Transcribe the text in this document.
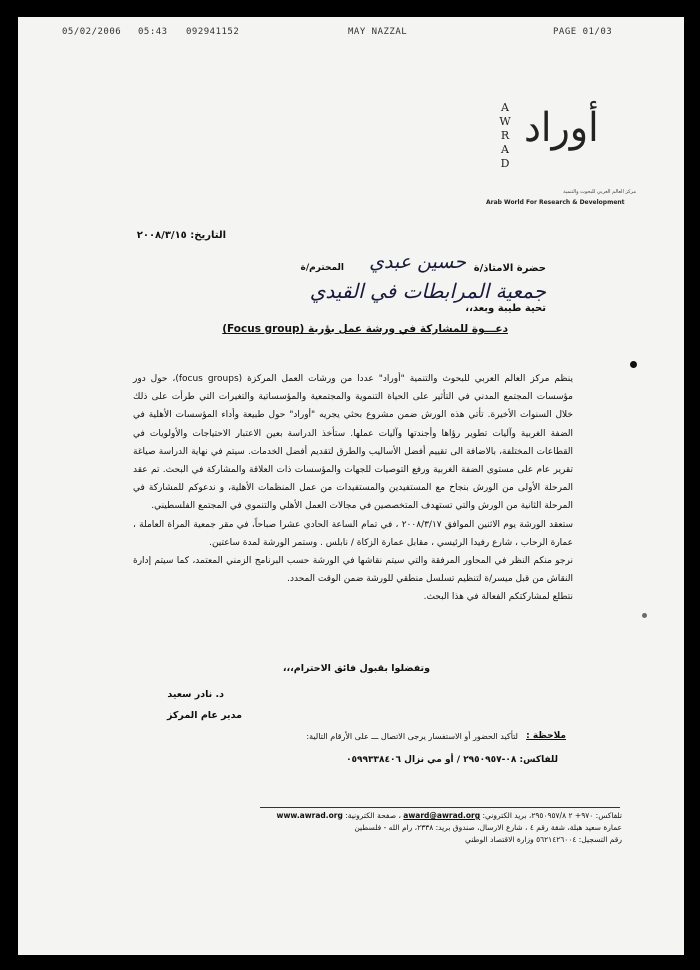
05/02/2006 05:43 092941152	MAY NAZZAL	PAGE 01/03
A
W
R
A
D
أوراد
مركز العالم العربي للبحوث والتنمية
Arab World For Research & Development
التاريخ: ٢٠٠٨/٣/١٥
حضرة الامتاذ/ة
حسين عبدي
المحترم/ة
جمعية المرابطات في القيدي
تحية طيبة وبعد،،
دعـــوة للمشاركة في ورشة عمل بؤرية (Focus group)

ينظم مركز العالم العربي للبحوث والتنمية "أوراد" عددا من ورشات العمل المركزة (focus groups)، حول دور مؤسسات المجتمع المدني في التأثير على الحياة التنموية والمجتمعية والمؤسساتية والتغيرات التي طرأت على ذلك خلال السنوات الأخيرة. تأتي هذه الورش ضمن مشروع بحثي يجريه "أوراد" حول طبيعة وأداء المؤسسات الأهلية في الضفة الغربية وآليات تطوير رؤاها وأجندتها وآليات عملها. ستأخذ الدراسة بعين الاعتبار الاحتياجات والأولويات في القطاعات المختلفة، بالاضافة الى تقييم أفضل الأساليب والطرق لتقديم أفضل الخدمات. سيتم في نهاية الدراسة صياغة تقرير عام على مستوى الضفة الغربية ورفع التوصيات للجهات والمؤسسات ذات العلاقة والمشاركة في البحث. تم عقد المرحلة الأولى من الورش بنجاح مع المستفيدين والمستفيدات من عمل المنظمات الأهلية، و ندعوكم للمشاركة في المرحلة الثانية من الورش والتي تستهدف المتخصصين في مجالات العمل الأهلي والتنموي في المجتمع الفلسطيني.

ستعقد الورشة يوم الاثنين الموافق ٢٠٠٨/٣/١٧ ، في تمام الساعة الحادي عشرا صباحاً، في مقر جمعية المراة العاملة ، عمارة الرحاب ، شارع رفيدا الرئيسي ، مقابل عمارة الزكاة / نابلس . وستمر الورشة لمدة ساعتين.

نرجو منكم النظر في المحاور المرفقة والتي سيتم نقاشها في الورشة حسب البرنامج الزمني المعتمد، كما سيتم إدارة النقاش من قبل ميسر/ة لتنظيم تسلسل منطقي للورشة ضمن الوقت المحدد.

نتطلع لمشاركتكم الفعالة في هذا البحث.

وتفضلوا بقبول فائق الاحترام،،،
د. نادر سعيد
مدير عام المركز
ملاحظة :
لتأكيد الحضور أو الاستفسار يرجى الاتصال ـــ على الأرقام التالية:
للفاكس: ٠٨-٢٩٥٠٩٥٧ / أو مي نزال ٠٥٩٩٣٣٨٤٠٦
تلفاكس: ٩٧٠+ ٢ ٢٩٥٠٩٥٧/٨، بريد الكتروني: award@awrad.org ، صفحة الكترونية: www.awrad.org
عمارة سعيد هبلة، شقة رقم ٤ ، شارع الارسال، صندوق بريد: ٢٣٣٨، رام الله - فلسطين
رقم التسجيل: ٥٦٢١٤٢٦٠٠٤ وزارة الاقتصاد الوطني
